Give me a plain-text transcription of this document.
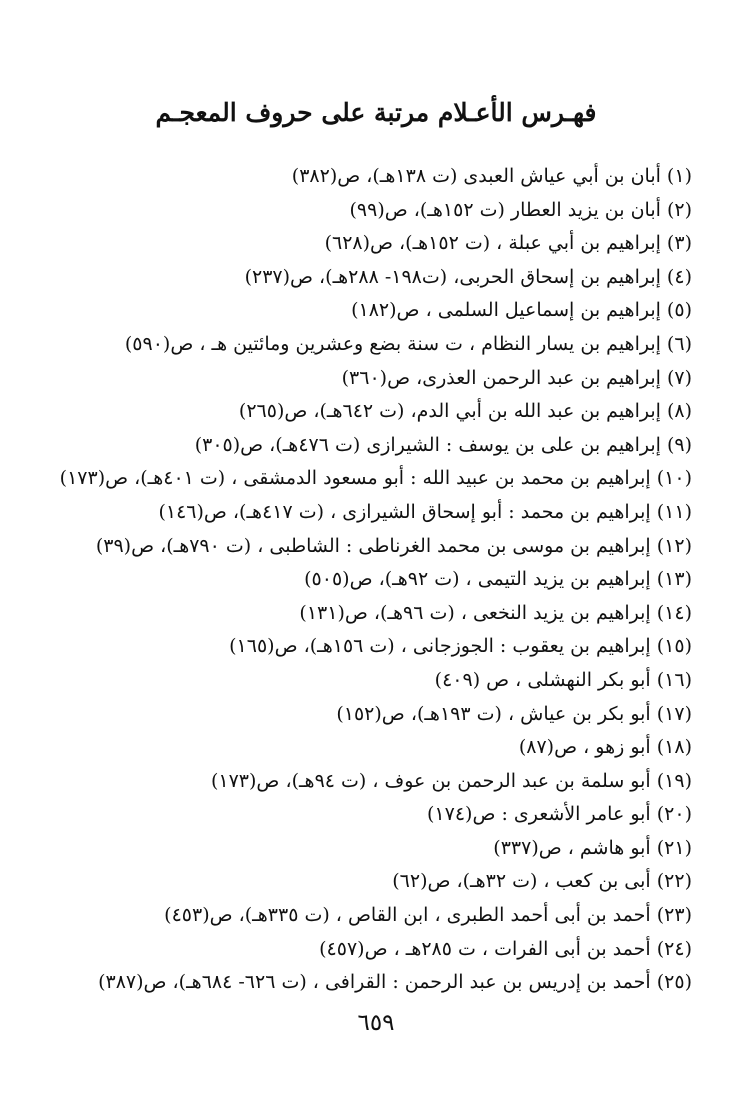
فهـرس الأعـلام مرتبة على حروف المعجـم
(١) أبان بن أبي عياش العبدى (ت ١٣٨هـ)، ص(٣٨٢)
(٢) أبان بن يزيد العطار (ت ١٥٢هـ)، ص(٩٩)
(٣) إبراهيم بن أبي عبلة ، (ت ١٥٢هـ)، ص(٦٢٨)
(٤) إبراهيم بن إسحاق الحربى، (ت١٩٨- ٢٨٨هـ)، ص(٢٣٧)
(٥) إبراهيم بن إسماعيل السلمى ، ص(١٨٢)
(٦) إبراهيم بن يسار النظام ، ت سنة بضع وعشرين ومائتين هـ ، ص(٥٩٠)
(٧) إبراهيم بن عبد الرحمن العذرى، ص(٣٦٠)
(٨) إبراهيم بن عبد الله بن أبي الدم، (ت ٦٤٢هـ)، ص(٢٦٥)
(٩) إبراهيم بن على بن يوسف : الشيرازى (ت ٤٧٦هـ)، ص(٣٠٥)
(١٠) إبراهيم بن محمد بن عبيد الله : أبو مسعود الدمشقى ، (ت ٤٠١هـ)، ص(١٧٣)
(١١) إبراهيم بن محمد : أبو إسحاق الشيرازى ، (ت ٤١٧هـ)، ص(١٤٦)
(١٢) إبراهيم بن موسى بن محمد الغرناطى : الشاطبى ، (ت ٧٩٠هـ)، ص(٣٩)
(١٣) إبراهيم بن يزيد التيمى ، (ت ٩٢هـ)، ص(٥٠٥)
(١٤) إبراهيم بن يزيد النخعى ، (ت ٩٦هـ)، ص(١٣١)
(١٥) إبراهيم بن يعقوب : الجوزجانى ، (ت ١٥٦هـ)، ص(١٦٥)
(١٦) أبو بكر النهشلى ، ص (٤٠٩)
(١٧) أبو بكر بن عياش ، (ت ١٩٣هـ)، ص(١٥٢)
(١٨) أبو زهو ، ص(٨٧)
(١٩) أبو سلمة بن عبد الرحمن بن عوف ، (ت ٩٤هـ)، ص(١٧٣)
(٢٠) أبو عامر الأشعرى : ص(١٧٤)
(٢١) أبو هاشم ، ص(٣٣٧)
(٢٢) أبى بن كعب ، (ت ٣٢هـ)، ص(٦٢)
(٢٣) أحمد بن أبى أحمد الطبرى ، ابن القاص ، (ت ٣٣٥هـ)، ص(٤٥٣)
(٢٤) أحمد بن أبى الفرات ، ت ٢٨٥هـ ، ص(٤٥٧)
(٢٥) أحمد بن إدريس بن عبد الرحمن : القرافى ، (ت ٦٢٦- ٦٨٤هـ)، ص(٣٨٧)
٦٥٩
